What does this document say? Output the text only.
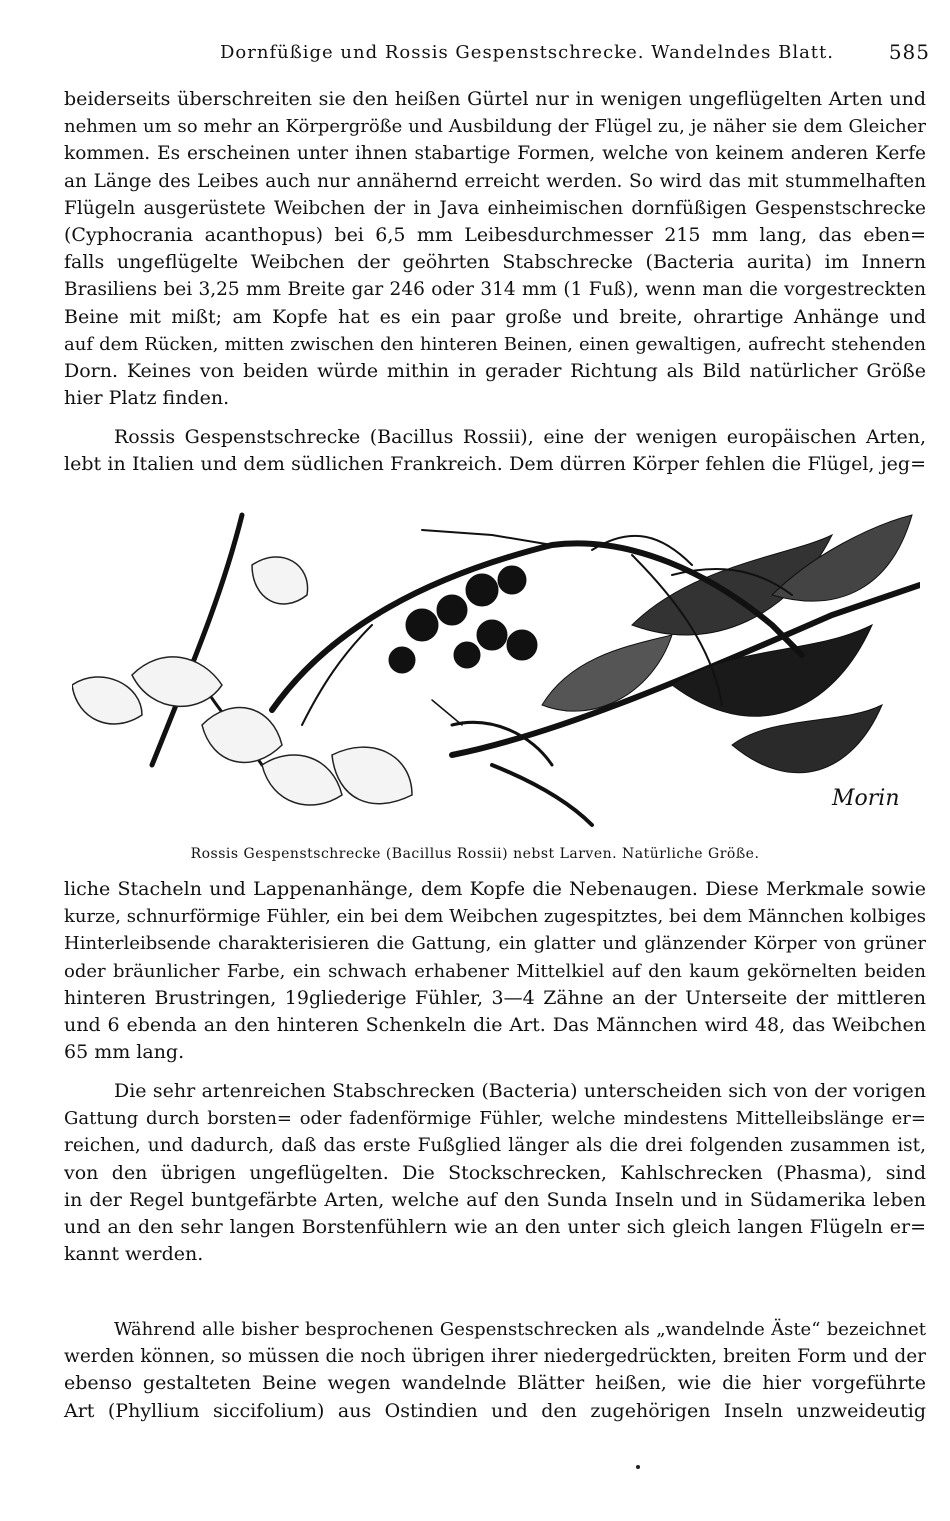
Dornfüßige und Rossis Gespenstschrecke. Wandelndes Blatt.	585
beiderseits überschreiten sie den heißen Gürtel nur in wenigen ungeflügelten Arten und
nehmen um so mehr an Körpergröße und Ausbildung der Flügel zu, je näher sie dem Gleicher
kommen. Es erscheinen unter ihnen stabartige Formen, welche von keinem anderen Kerfe
an Länge des Leibes auch nur annähernd erreicht werden. So wird das mit stummelhaften
Flügeln ausgerüstete Weibchen der in Java einheimischen dornfüßigen Gespenstschrecke
(Cyphocrania acanthopus) bei 6,5 mm Leibesdurchmesser 215 mm lang, das eben=
falls ungeflügelte Weibchen der geöhrten Stabschrecke (Bacteria aurita) im Innern
Brasiliens bei 3,25 mm Breite gar 246 oder 314 mm (1 Fuß), wenn man die vorgestreckten
Beine mit mißt; am Kopfe hat es ein paar große und breite, ohrartige Anhänge und
auf dem Rücken, mitten zwischen den hinteren Beinen, einen gewaltigen, aufrecht stehenden
Dorn. Keines von beiden würde mithin in gerader Richtung als Bild natürlicher Größe
hier Platz finden.
Rossis Gespenstschrecke (Bacillus Rossii), eine der wenigen europäischen Arten,
lebt in Italien und dem südlichen Frankreich. Dem dürren Körper fehlen die Flügel, jeg=
Morin
Rossis Gespenstschrecke (Bacillus Rossii) nebst Larven. Natürliche Größe.
liche Stacheln und Lappenanhänge, dem Kopfe die Nebenaugen. Diese Merkmale sowie
kurze, schnurförmige Fühler, ein bei dem Weibchen zugespitztes, bei dem Männchen kolbiges
Hinterleibsende charakterisieren die Gattung, ein glatter und glänzender Körper von grüner
oder bräunlicher Farbe, ein schwach erhabener Mittelkiel auf den kaum gekörnelten beiden
hinteren Brustringen, 19gliederige Fühler, 3—4 Zähne an der Unterseite der mittleren
und 6 ebenda an den hinteren Schenkeln die Art. Das Männchen wird 48, das Weibchen
65 mm lang.
Die sehr artenreichen Stabschrecken (Bacteria) unterscheiden sich von der vorigen
Gattung durch borsten= oder fadenförmige Fühler, welche mindestens Mittelleibslänge er=
reichen, und dadurch, daß das erste Fußglied länger als die drei folgenden zusammen ist,
von den übrigen ungeflügelten. Die Stockschrecken, Kahlschrecken (Phasma), sind
in der Regel buntgefärbte Arten, welche auf den Sunda Inseln und in Südamerika leben
und an den sehr langen Borstenfühlern wie an den unter sich gleich langen Flügeln er=
kannt werden.
Während alle bisher besprochenen Gespenstschrecken als „wandelnde Äste“ bezeichnet
werden können, so müssen die noch übrigen ihrer niedergedrückten, breiten Form und der
ebenso gestalteten Beine wegen wandelnde Blätter heißen, wie die hier vorgeführte
Art (Phyllium siccifolium) aus Ostindien und den zugehörigen Inseln unzweideutig
